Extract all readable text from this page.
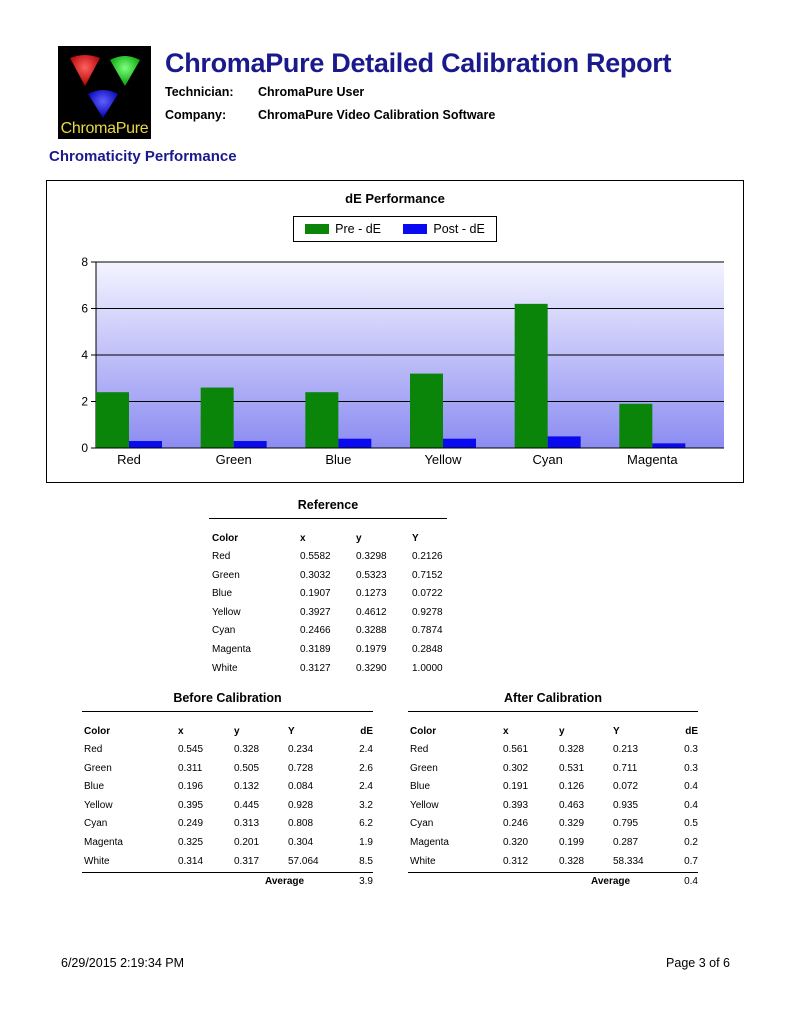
ChromaPure
ChromaPure Detailed Calibration Report
Technician: ChromaPure User
Company:	ChromaPure Video Calibration Software
Chromaticity Performance
0
2
4
6
8
Red	Green	Blue	Yellow	Cyan	Magenta
dE Performance
Pre - dE	Post - dE
Reference
Color	x	y	Y
Red	0.5582	0.3298	0.2126
Green	0.3032	0.5323	0.7152
Blue	0.1907	0.1273	0.0722
Yellow	0.3927	0.4612	0.9278
Cyan	0.2466	0.3288	0.7874
Magenta	0.3189	0.1979	0.2848
White	0.3127	0.3290	1.0000
Before Calibration
Color	x	y	Y	dE
Red	0.545	0.328	0.234	2.4
Green	0.311	0.505	0.728	2.6
Blue	0.196	0.132	0.084	2.4
Yellow	0.395	0.445	0.928	3.2
Cyan	0.249	0.313	0.808	6.2
Magenta	0.325	0.201	0.304	1.9
White	0.314	0.317	57.064	8.5
Average	3.9
After Calibration
Color	x	y	Y	dE
Red	0.561	0.328	0.213	0.3
Green	0.302	0.531	0.711	0.3
Blue	0.191	0.126	0.072	0.4
Yellow	0.393	0.463	0.935	0.4
Cyan	0.246	0.329	0.795	0.5
Magenta	0.320	0.199	0.287	0.2
White	0.312	0.328	58.334	0.7
Average	0.4
6/29/2015 2:19:34 PM	Page 3 of 6
